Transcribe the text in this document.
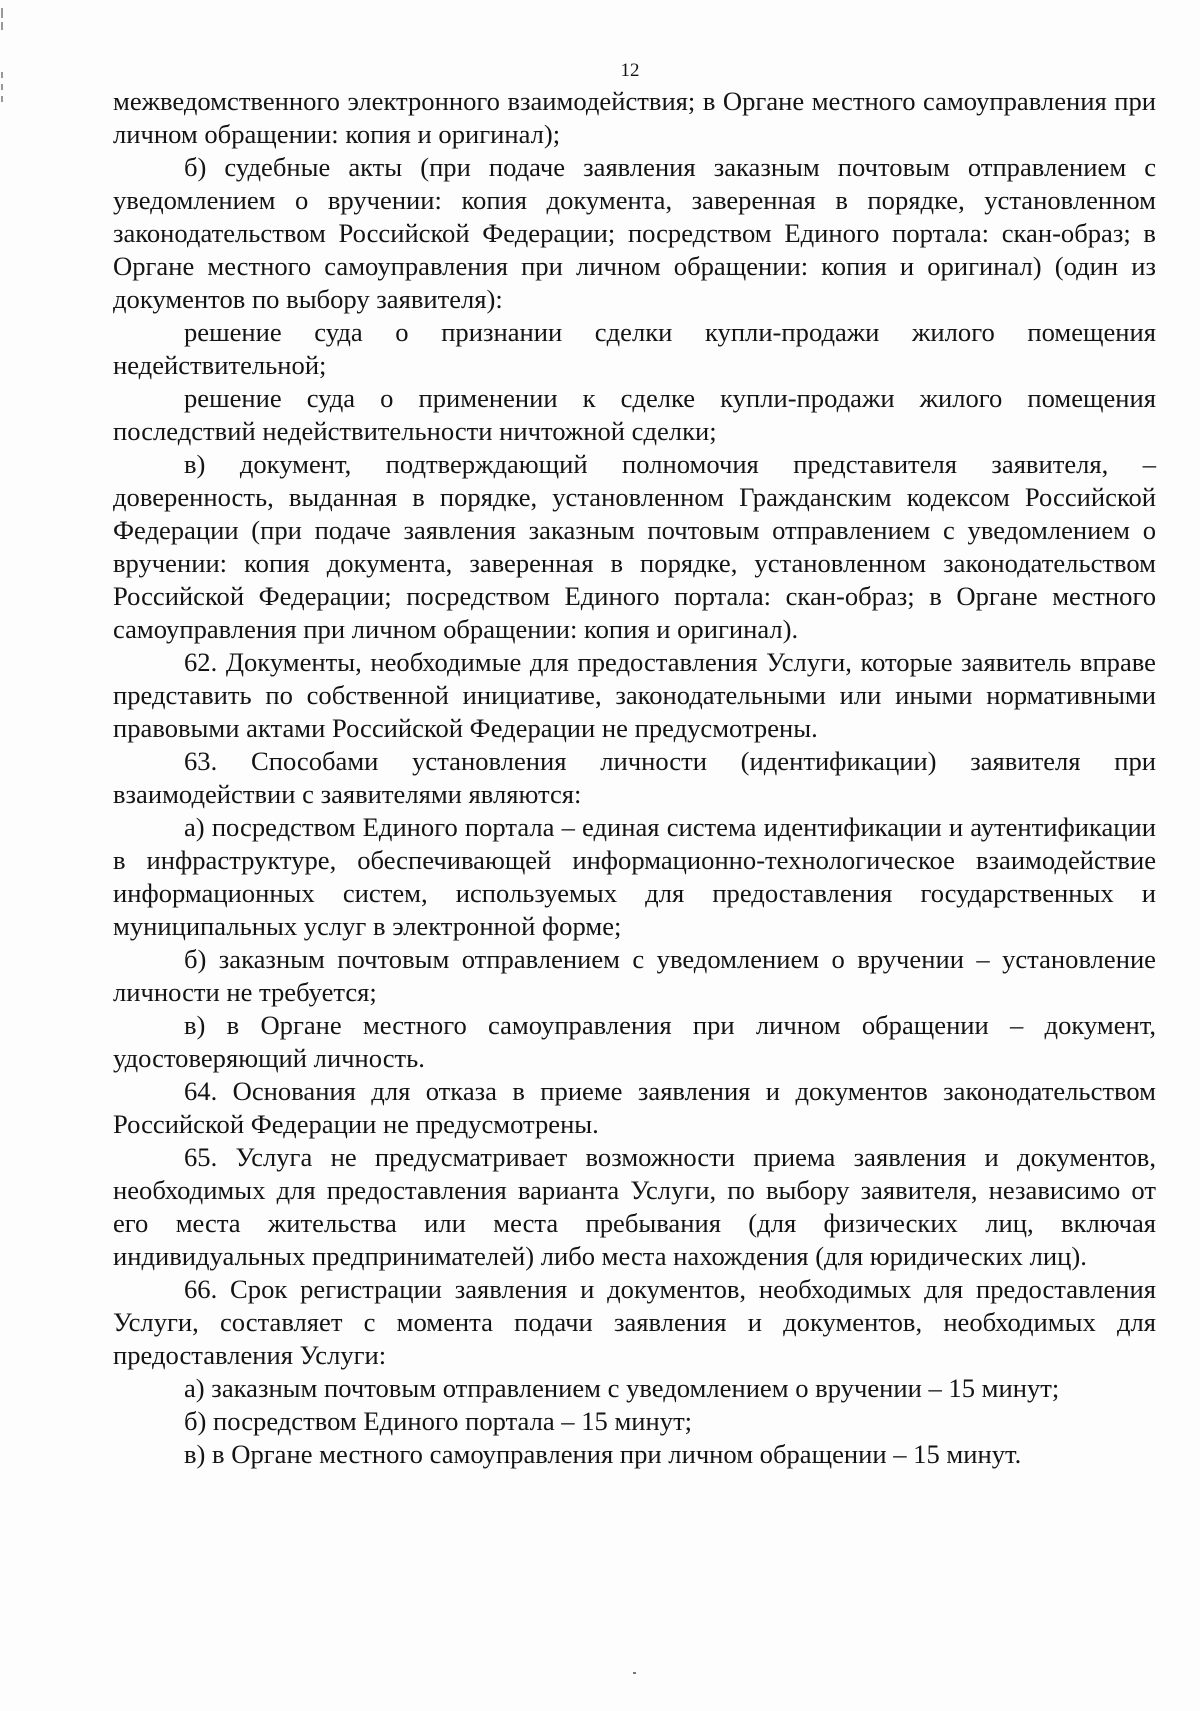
12

межведомственного электронного взаимодействия; в Органе местного самоуправления при личном обращении: копия и оригинал);

б) судебные акты (при подаче заявления заказным почтовым отправлением с уведомлением о вручении: копия документа, заверенная в порядке, установленном законодательством Российской Федерации; посредством Единого портала: скан-образ; в Органе местного самоуправления при личном обращении: копия и оригинал) (один из документов по выбору заявителя):

решение суда о признании сделки купли-продажи жилого помещения недействительной;

решение суда о применении к сделке купли-продажи жилого помещения последствий недействительности ничтожной сделки;

в) документ, подтверждающий полномочия представителя заявителя, – доверенность, выданная в порядке, установленном Гражданским кодексом Российской Федерации (при подаче заявления заказным почтовым отправлением с уведомлением о вручении: копия документа, заверенная в порядке, установленном законодательством Российской Федерации; посредством Единого портала: скан-образ; в Органе местного самоуправления при личном обращении: копия и оригинал).

62. Документы, необходимые для предоставления Услуги, которые заявитель вправе представить по собственной инициативе, законодательными или иными нормативными правовыми актами Российской Федерации не предусмотрены.

63. Способами установления личности (идентификации) заявителя при взаимодействии с заявителями являются:

а) посредством Единого портала – единая система идентификации и аутентификации в инфраструктуре, обеспечивающей информационно-технологическое взаимодействие информационных систем, используемых для предоставления государственных и муниципальных услуг в электронной форме;

б) заказным почтовым отправлением с уведомлением о вручении – установление личности не требуется;

в) в Органе местного самоуправления при личном обращении – документ, удостоверяющий личность.

64. Основания для отказа в приеме заявления и документов законодательством Российской Федерации не предусмотрены.

65. Услуга не предусматривает возможности приема заявления и документов, необходимых для предоставления варианта Услуги, по выбору заявителя, независимо от его места жительства или места пребывания (для физических лиц, включая индивидуальных предпринимателей) либо места нахождения (для юридических лиц).

66. Срок регистрации заявления и документов, необходимых для предоставления Услуги, составляет с момента подачи заявления и документов, необходимых для предоставления Услуги:

а) заказным почтовым отправлением с уведомлением о вручении – 15 минут;

б) посредством Единого портала – 15 минут;

в) в Органе местного самоуправления при личном обращении – 15 минут.
